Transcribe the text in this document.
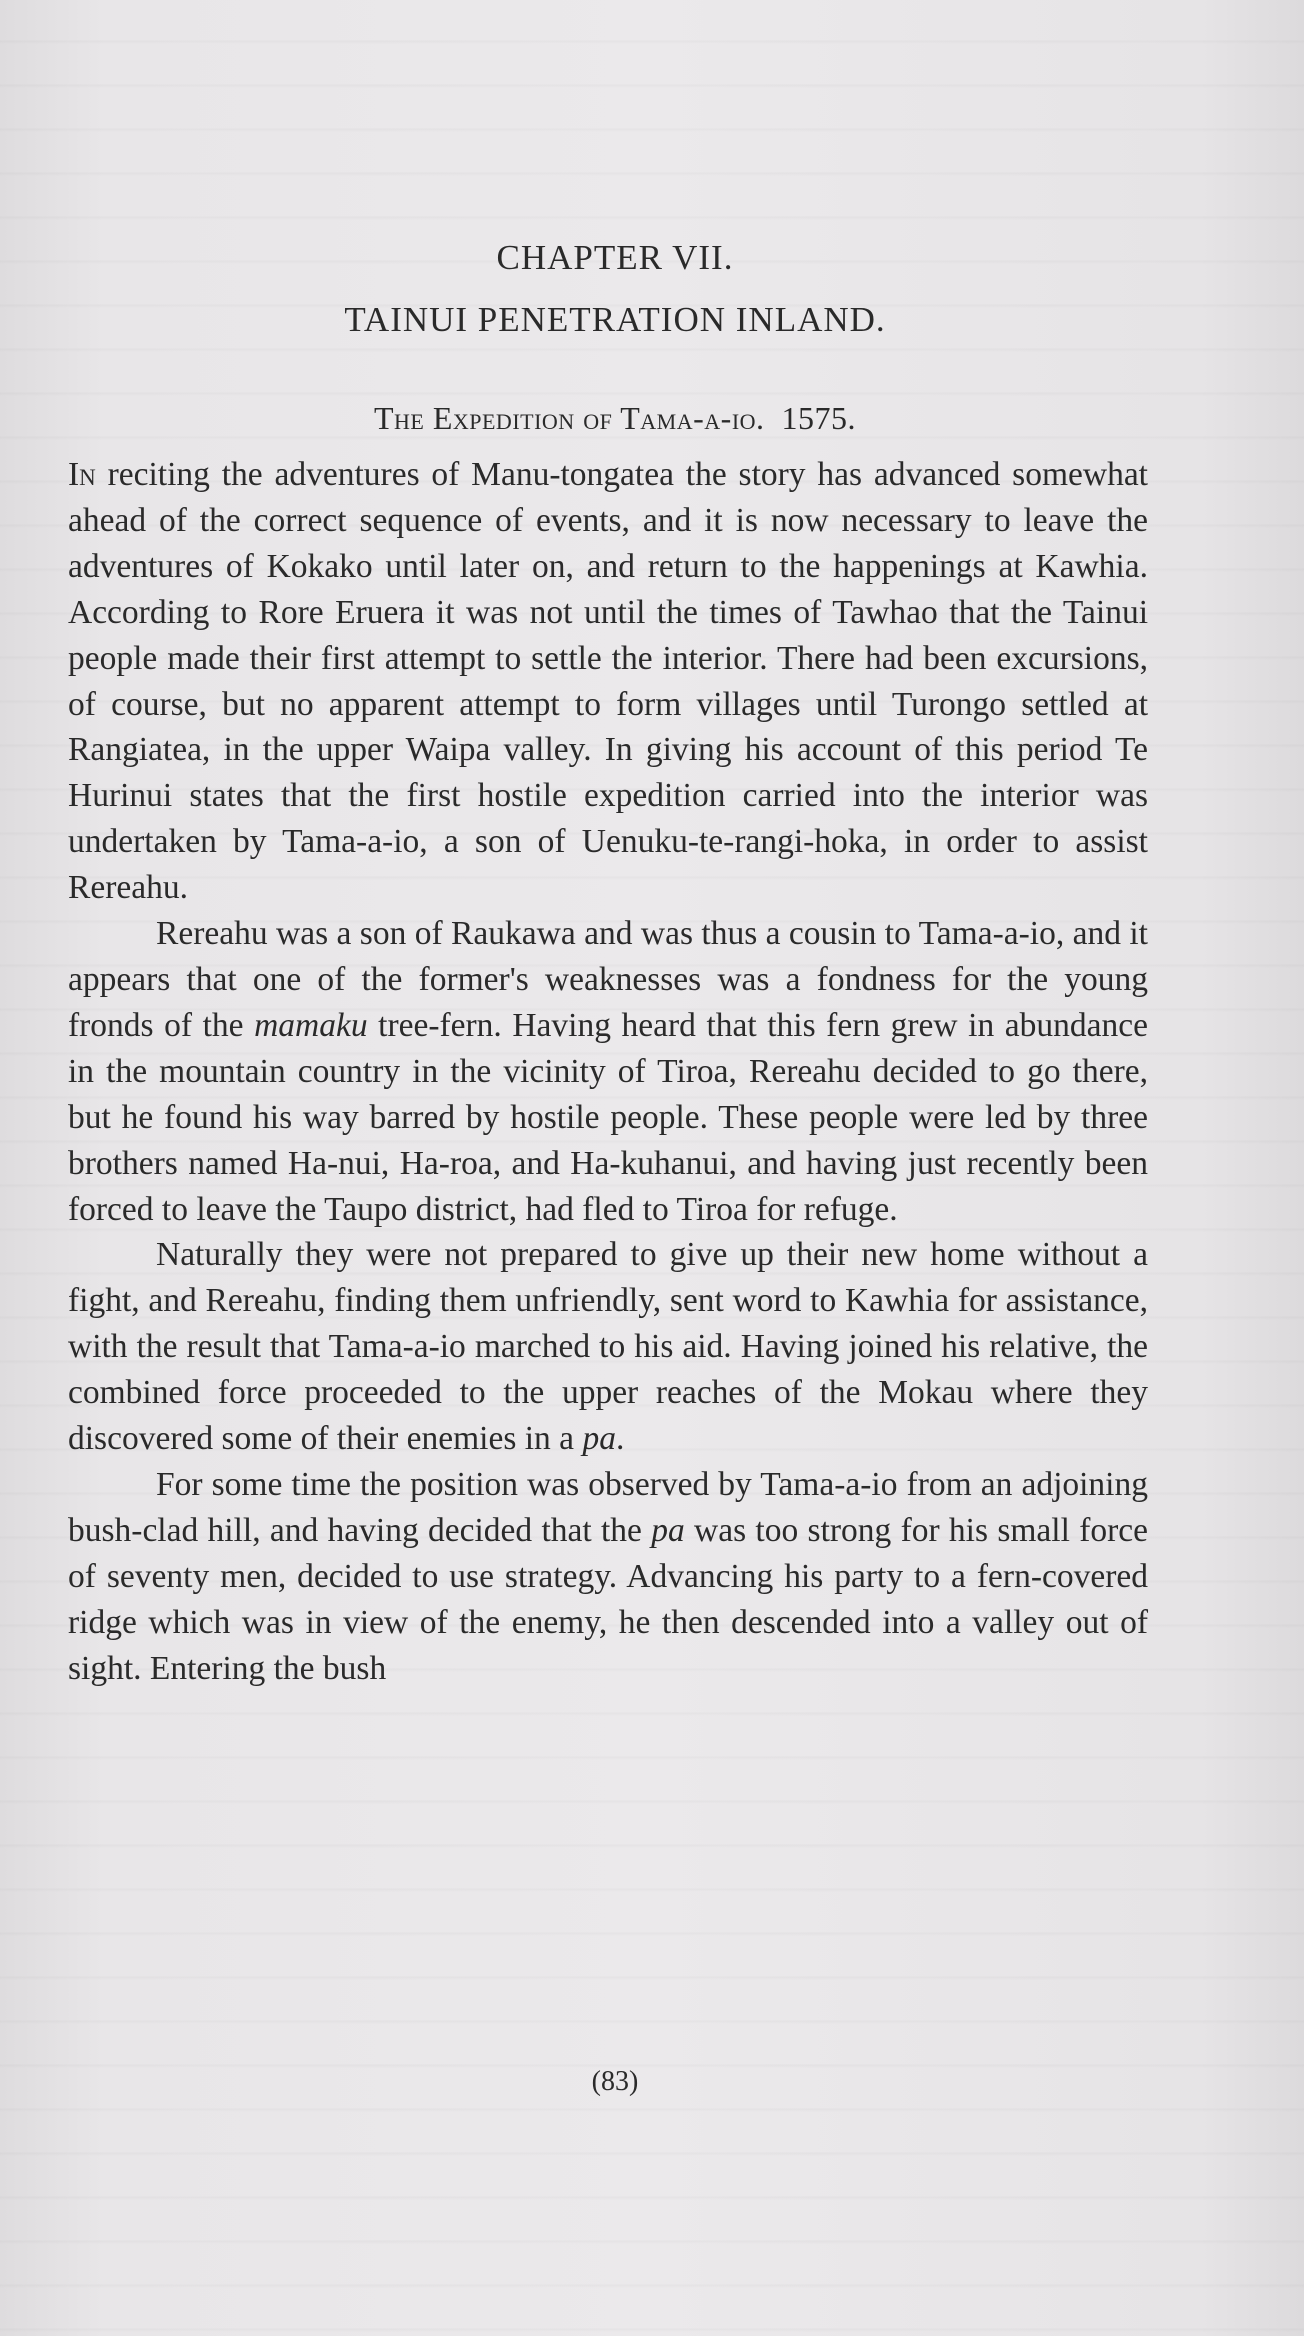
CHAPTER VII.
TAINUI PENETRATION INLAND.
The Expedition of Tama-a-io. 1575.

In reciting the adventures of Manu-tongatea the story has advanced somewhat ahead of the correct sequence of events, and it is now necessary to leave the adventures of Kokako until later on, and return to the happenings at Kawhia. According to Rore Eruera it was not until the times of Tawhao that the Tainui people made their first attempt to settle the interior. There had been excursions, of course, but no apparent attempt to form villages until Turongo settled at Rangiatea, in the upper Waipa valley. In giving his account of this period Te Hurinui states that the first hostile expedition carried into the interior was undertaken by Tama-a-io, a son of Uenuku-te-rangi-hoka, in order to assist Rereahu.

Rereahu was a son of Raukawa and was thus a cousin to Tama-a-io, and it appears that one of the former's weaknesses was a fondness for the young fronds of the mamaku tree-fern. Having heard that this fern grew in abundance in the mountain country in the vicinity of Tiroa, Rereahu decided to go there, but he found his way barred by hostile people. These people were led by three brothers named Ha-nui, Ha-roa, and Ha-kuhanui, and having just recently been forced to leave the Taupo district, had fled to Tiroa for refuge.

Naturally they were not prepared to give up their new home without a fight, and Rereahu, finding them unfriendly, sent word to Kawhia for assistance, with the result that Tama-a-io marched to his aid. Having joined his relative, the combined force proceeded to the upper reaches of the Mokau where they discovered some of their enemies in a pa.

For some time the position was observed by Tama-a-io from an adjoining bush-clad hill, and having decided that the pa was too strong for his small force of seventy men, decided to use strategy. Advancing his party to a fern-covered ridge which was in view of the enemy, he then descended into a valley out of sight. Entering the bush

(83)
